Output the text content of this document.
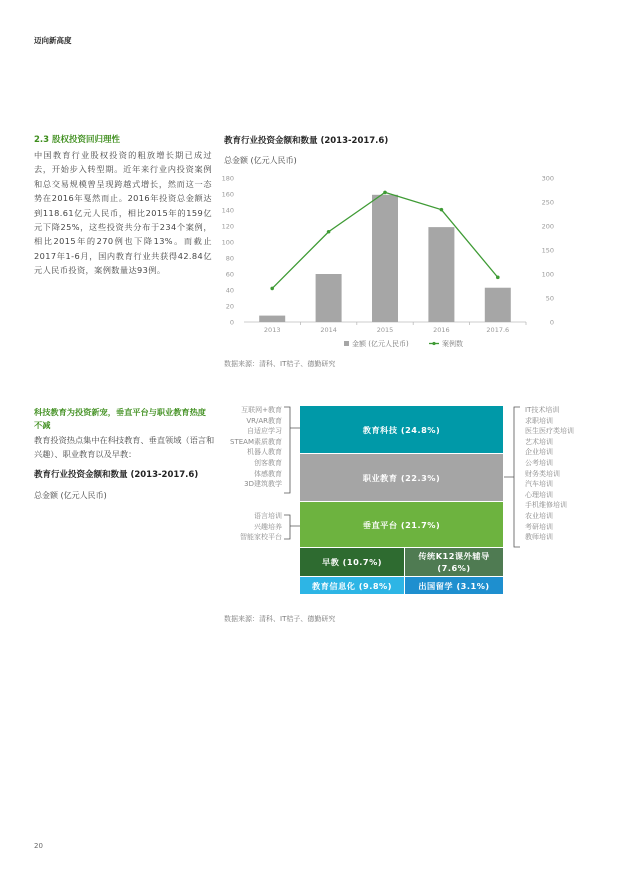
迈向新高度
2.3 股权投资回归理性
中国教育行业股权投资的粗放增长期已成过去，开始步入转型期。近年来行业内投资案例和总交易规模曾呈现跨越式增长，然而这一态势在2016年戛然而止。2016年投资总金额达到118.61亿元人民币，相比2015年的159亿元下降25%，这些投资共分布于234个案例，相比2015年的270例也下降13%。而截止2017年1-6月，国内教育行业共获得42.84亿元人民币投资，案例数量达93例。
教育行业投资金额和数量 (2013-2017.6)
总金额 (亿元人民币)
0
20
40
60
80
100
120
140
160
180
0
50
100
150
200
250
300
2013	2014	2015	2016	2017.6
金额 (亿元人民币)	案例数
数据来源：清科、IT桔子、德勤研究
科技教育为投资新宠，垂直平台与职业教育热度不减
教育投资热点集中在科技教育、垂直领域（语言和兴趣）、职业教育以及早教：
教育行业投资金额和数量 (2013-2017.6)
总金额 (亿元人民币)
教育科技 (24.8%)
职业教育 (22.3%)
垂直平台 (21.7%)
早教 (10.7%)
传统K12课外辅导
(7.6%)
教育信息化 (9.8%)	出国留学 (3.1%)
互联网+教育
VR/AR教育
自适应学习
STEAM素质教育
机器人教育
创客教育
体感教育
3D建筑教学
语言培训
兴趣培养
智能家校平台
IT技术培训
求职培训
医生医疗类培训
艺术培训
企业培训
公考培训
财务类培训
汽车培训
心理培训
手机维修培训
农业培训
考研培训
教师培训
数据来源：清科、IT桔子、德勤研究
20
